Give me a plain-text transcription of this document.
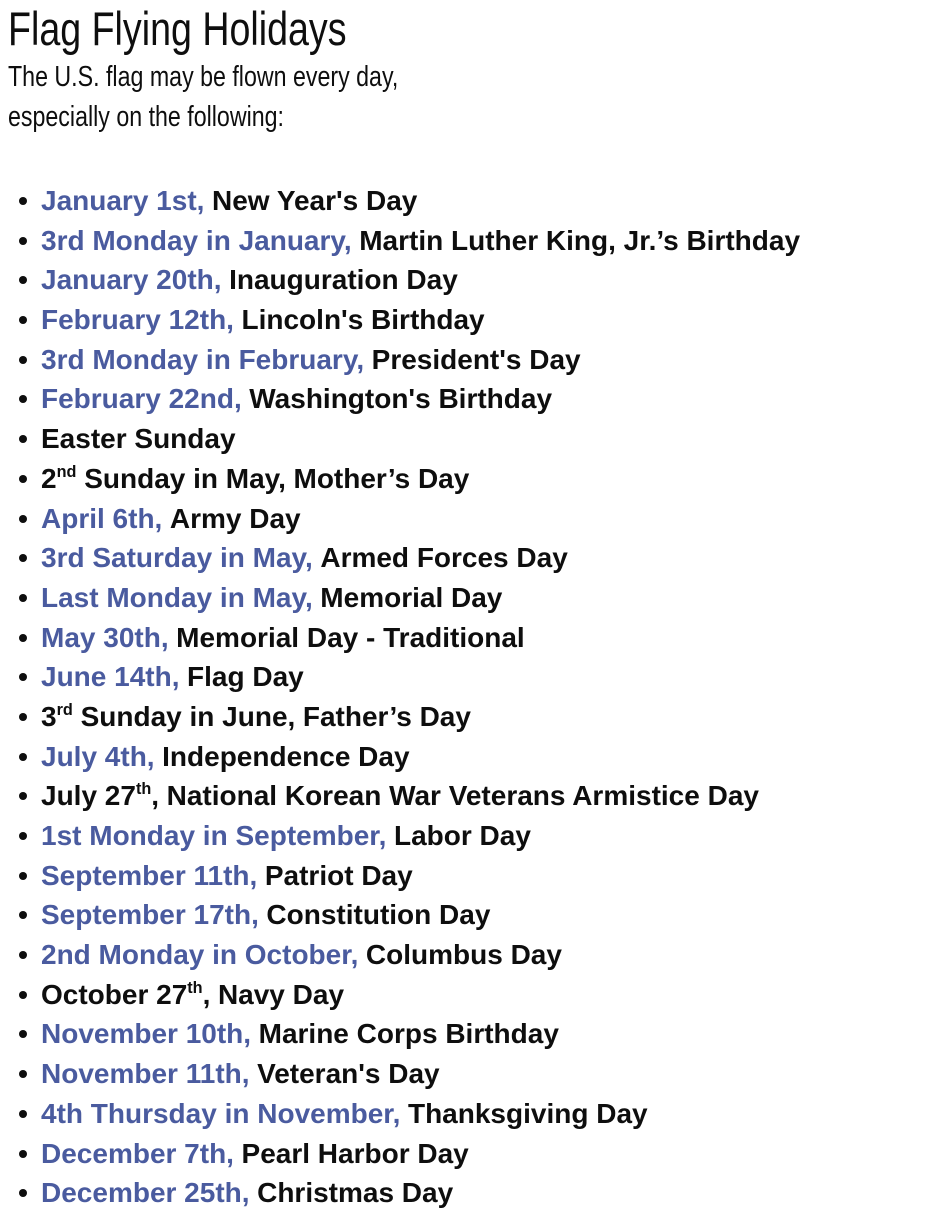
Flag Flying Holidays

The U.S. flag may be flown every day,

especially on the following:

January 1st, New Year's Day
3rd Monday in January, Martin Luther King, Jr.’s Birthday
January 20th, Inauguration Day
February 12th, Lincoln's Birthday
3rd Monday in February, President's Day
February 22nd, Washington's Birthday
Easter Sunday
2nd Sunday in May, Mother’s Day
April 6th, Army Day
3rd Saturday in May, Armed Forces Day
Last Monday in May, Memorial Day
May 30th, Memorial Day - Traditional
June 14th, Flag Day
3rd Sunday in June, Father’s Day
July 4th, Independence Day
July 27th, National Korean War Veterans Armistice Day
1st Monday in September, Labor Day
September 11th, Patriot Day
September 17th, Constitution Day
2nd Monday in October, Columbus Day
October 27th, Navy Day
November 10th, Marine Corps Birthday
November 11th, Veteran's Day
4th Thursday in November, Thanksgiving Day
December 7th, Pearl Harbor Day
December 25th, Christmas Day
